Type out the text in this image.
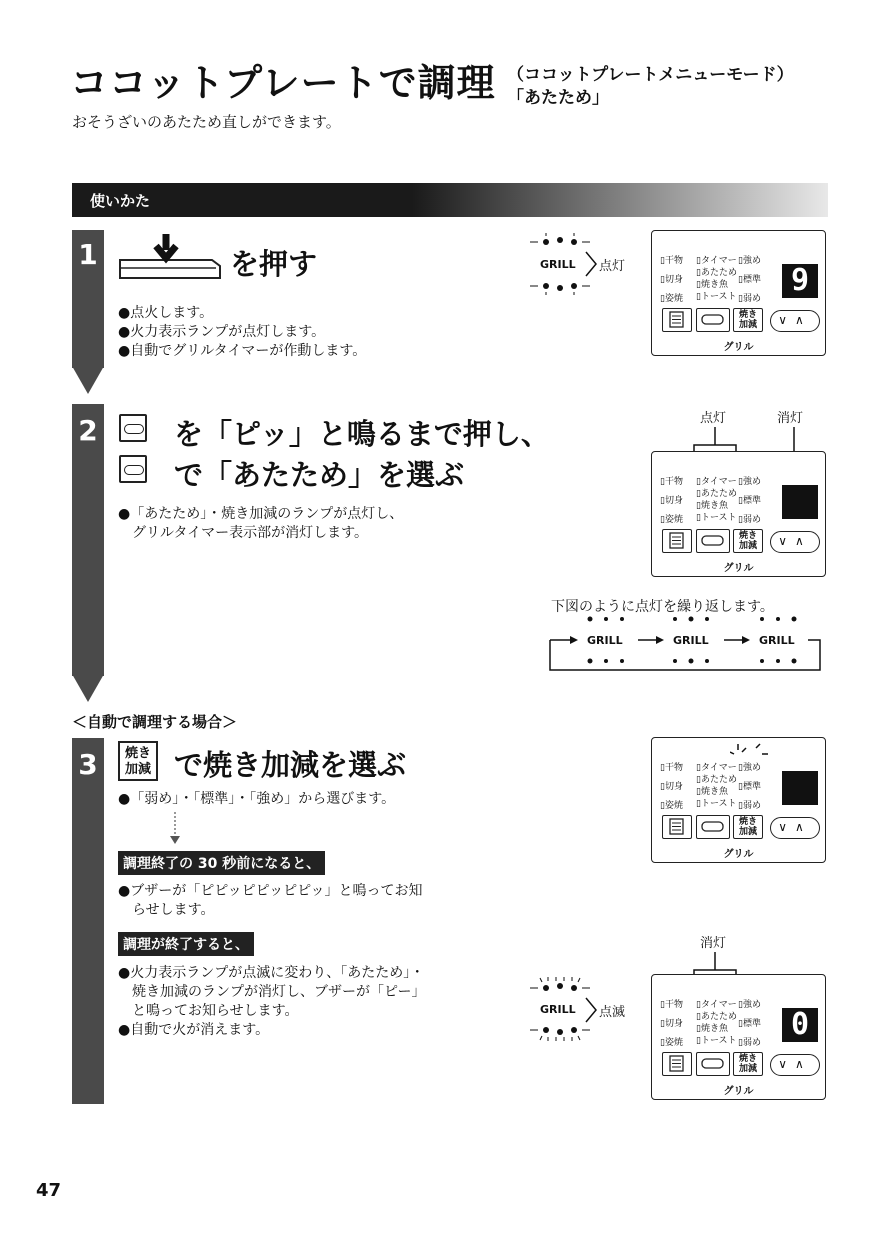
ココットプレートで調理 （ココットプレートメニューモード）
「あたため」
おそうざいのあたため直しができます。
使いかた
1	を押す
●点火します。
●火力表示ランプが点灯します。
●自動でグリルタイマーが作動します。
GRILL 点灯	▯干物
▯切身
▯姿焼
▯タイマー
▯あたため
▯焼き魚
▯トースト
▯強め
▯標準
▯弱め
9
焼き
加減	∨∧
グリル
2	を「ピッ」と鳴るまで押し、
で「あたため」を選ぶ
●「あたため」・焼き加減のランプが点灯し、
　グリルタイマー表示部が消灯します。
点灯	消灯
▯干物
▯切身
▯姿焼
▯タイマー
▯あたため
▯焼き魚
▯トースト
▯強め
▯標準
▯弱め
焼き
加減	∨∧
グリル
下図のように点灯を繰り返します。
GRILL	GRILL	GRILL
＜自動で調理する場合＞
3	焼き
加減 で焼き加減を選ぶ
●「弱め」・「標準」・「強め」から選びます。
調理終了の 30 秒前になると、
●ブザーが「ピピッピピッピピッ」と鳴ってお知
　らせします。
調理が終了すると、
●火力表示ランプが点滅に変わり、「あたため」・
　焼き加減のランプが消灯し、ブザーが「ピー」
　と鳴ってお知らせします。
●自動で火が消えます。
▯干物
▯切身
▯姿焼
▯タイマー
▯あたため
▯焼き魚
▯トースト
▯強め
▯標準
▯弱め
焼き
加減	∨∧
グリル
消灯
GRILL 点滅	▯干物
▯切身
▯姿焼
▯タイマー
▯あたため
▯焼き魚
▯トースト
▯強め
▯標準
▯弱め
0
焼き
加減	∨∧
グリル
47
